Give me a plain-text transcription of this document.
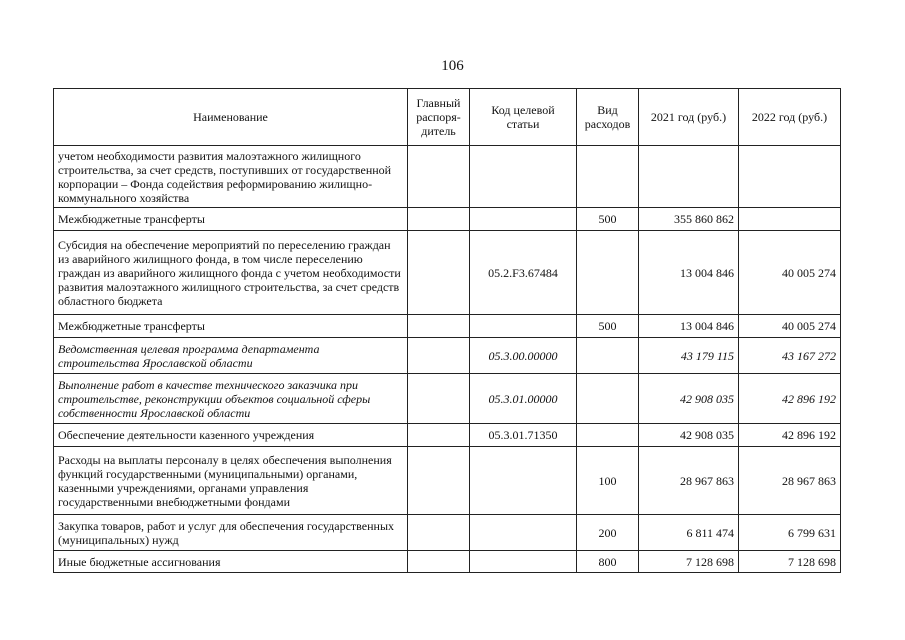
106
Наименование	Главный распоря-дитель	Код целевой статьи	Вид расходов	2021 год (руб.)	2022 год (руб.)
учетом необходимости развития малоэтажного жилищного строительства, за счет средств, поступивших от государственной корпорации – Фонда содействия реформированию жилищно-коммунального хозяйства					
Межбюджетные трансферты			500	355 860 862	
Субсидия на обеспечение мероприятий по переселению граждан из аварийного жилищного фонда, в том числе переселению граждан из аварийного жилищного фонда с учетом необходимости развития малоэтажного жилищного строительства, за счет средств областного бюджета		05.2.F3.67484		13 004 846	40 005 274
Межбюджетные трансферты			500	13 004 846	40 005 274
Ведомственная целевая программа департамента строительства Ярославской области		05.3.00.00000		43 179 115	43 167 272
Выполнение работ в качестве технического заказчика при строительстве, реконструкции объектов социальной сферы собственности Ярославской области		05.3.01.00000		42 908 035	42 896 192
Обеспечение деятельности казенного учреждения		05.3.01.71350		42 908 035	42 896 192
Расходы на выплаты персоналу в целях обеспечения выполнения функций государственными (муниципальными) органами, казенными учреждениями, органами управления государственными внебюджетными фондами			100	28 967 863	28 967 863
Закупка товаров, работ и услуг для обеспечения государственных (муниципальных) нужд			200	6 811 474	6 799 631
Иные бюджетные ассигнования			800	7 128 698	7 128 698
